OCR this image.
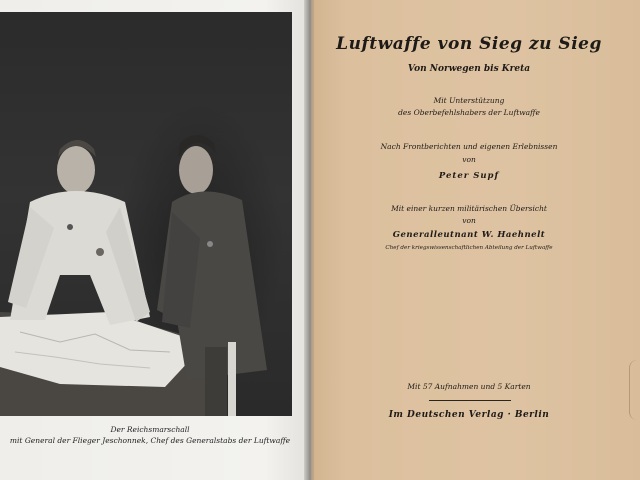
Der Reichsmarschall
mit General der Flieger Jeschonnek, Chef des Generalstabs der Luftwaffe
Luftwaffe von Sieg zu Sieg
Von Norwegen bis Kreta
Mit Unterstützung
des Oberbefehlshabers der Luftwaffe
Nach Frontberichten und eigenen Erlebnissen
von
Peter Supf
Mit einer kurzen militärischen Übersicht
von
Generalleutnant W. Haehnelt
Chef der kriegswissenschaftlichen Abteilung der Luftwaffe
Mit 57 Aufnahmen und 5 Karten
Im Deutschen Verlag · Berlin
